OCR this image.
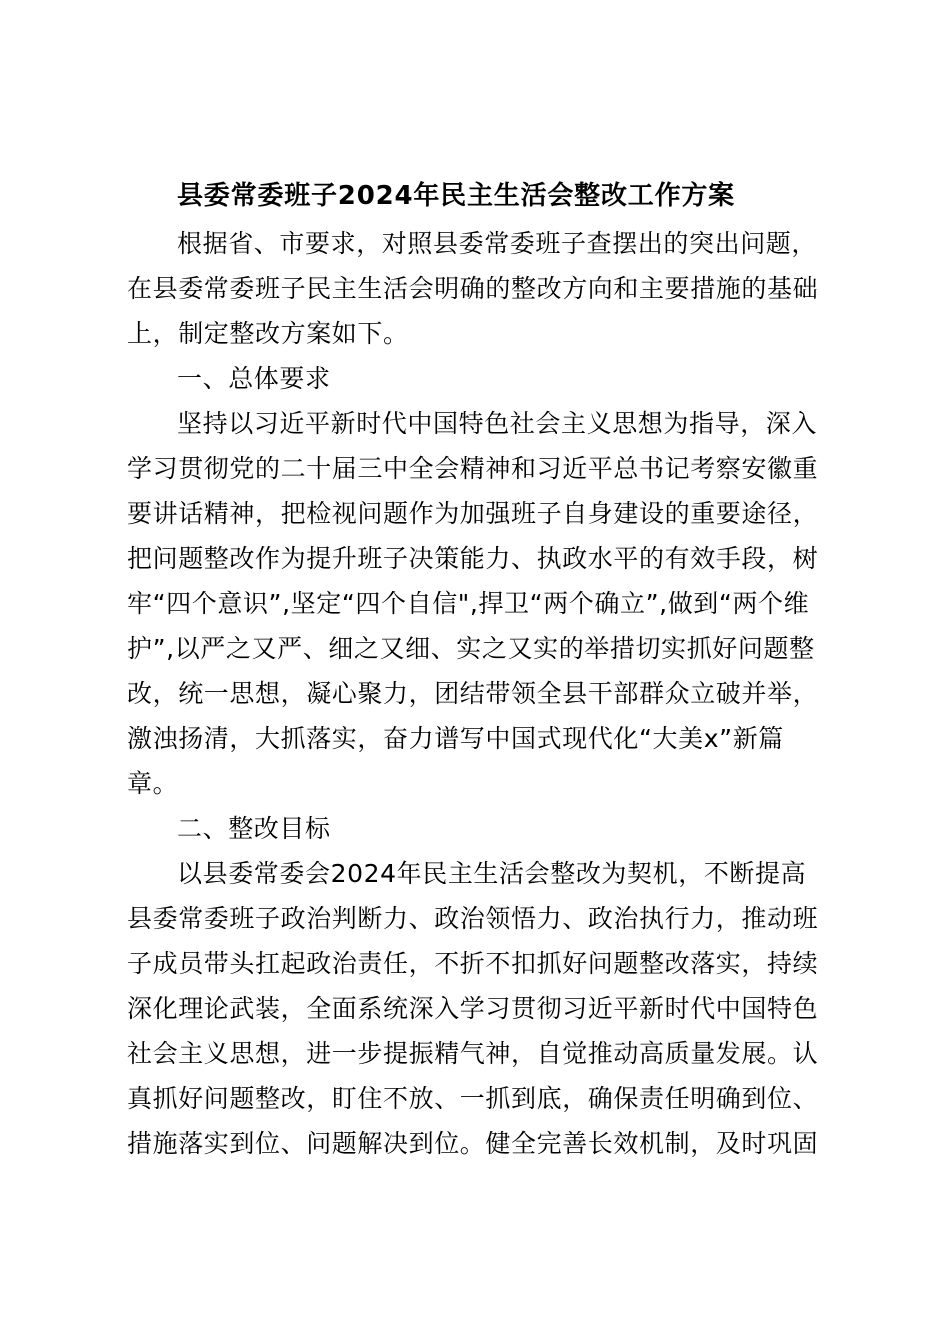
县委常委班子2024年民主生活会整改工作方案

根据省、市要求，对照县委常委班子查摆出的突出问题，

在县委常委班子民主生活会明确的整改方向和主要措施的基础

上，制定整改方案如下。

一、总体要求

坚持以习近平新时代中国特色社会主义思想为指导，深入

学习贯彻党的二十届三中全会精神和习近平总书记考察安徽重

要讲话精神，把检视问题作为加强班子自身建设的重要途径，

把问题整改作为提升班子决策能力、执政水平的有效手段，树

牢“四个意识”,坚定“四个自信",捍卫“两个确立”,做到“两个维

护”,以严之又严、细之又细、实之又实的举措切实抓好问题整

改，统一思想，凝心聚力，团结带领全县干部群众立破并举，

激浊扬清，大抓落实，奋力谱写中国式现代化“大美x”新篇

章。

二、整改目标

以县委常委会2024年民主生活会整改为契机，不断提高

县委常委班子政治判断力、政治领悟力、政治执行力，推动班

子成员带头扛起政治责任，不折不扣抓好问题整改落实，持续

深化理论武装，全面系统深入学习贯彻习近平新时代中国特色

社会主义思想，进一步提振精气神，自觉推动高质量发展。认

真抓好问题整改，盯住不放、一抓到底，确保责任明确到位、

措施落实到位、问题解决到位。健全完善长效机制，及时巩固
